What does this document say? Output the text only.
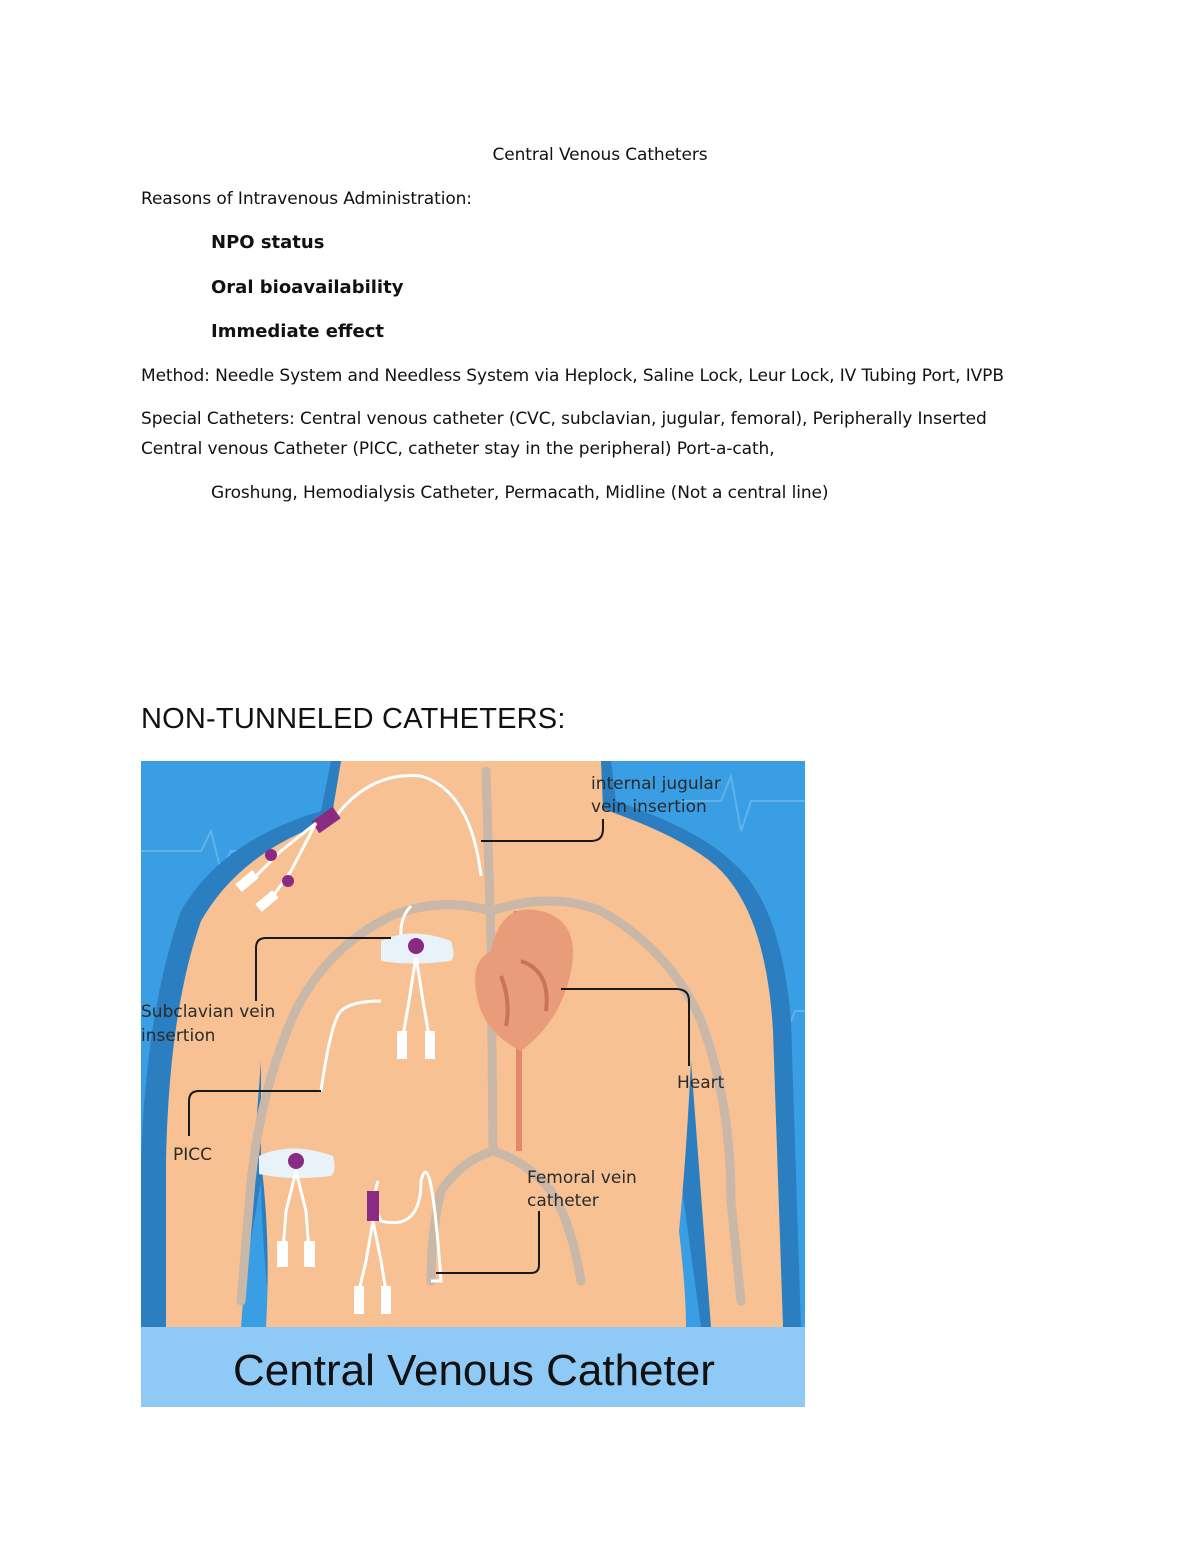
Central Venous Catheters
Reasons of Intravenous Administration:
NPO status
Oral bioavailability
Immediate effect
Method: Needle System and Needless System via Heplock, Saline Lock, Leur Lock, IV Tubing Port, IVPB
Special Catheters: Central venous catheter (CVC, subclavian, jugular, femoral), Peripherally Inserted
Central venous Catheter (PICC, catheter stay in the peripheral) Port-a-cath,
Groshung, Hemodialysis Catheter, Permacath, Midline (Not a central line)
NON-TUNNELED CATHETERS:
internal jugular
vein insertion
Subclavian vein
insertion
Heart
PICC
Femoral vein
catheter
Central Venous Catheter
